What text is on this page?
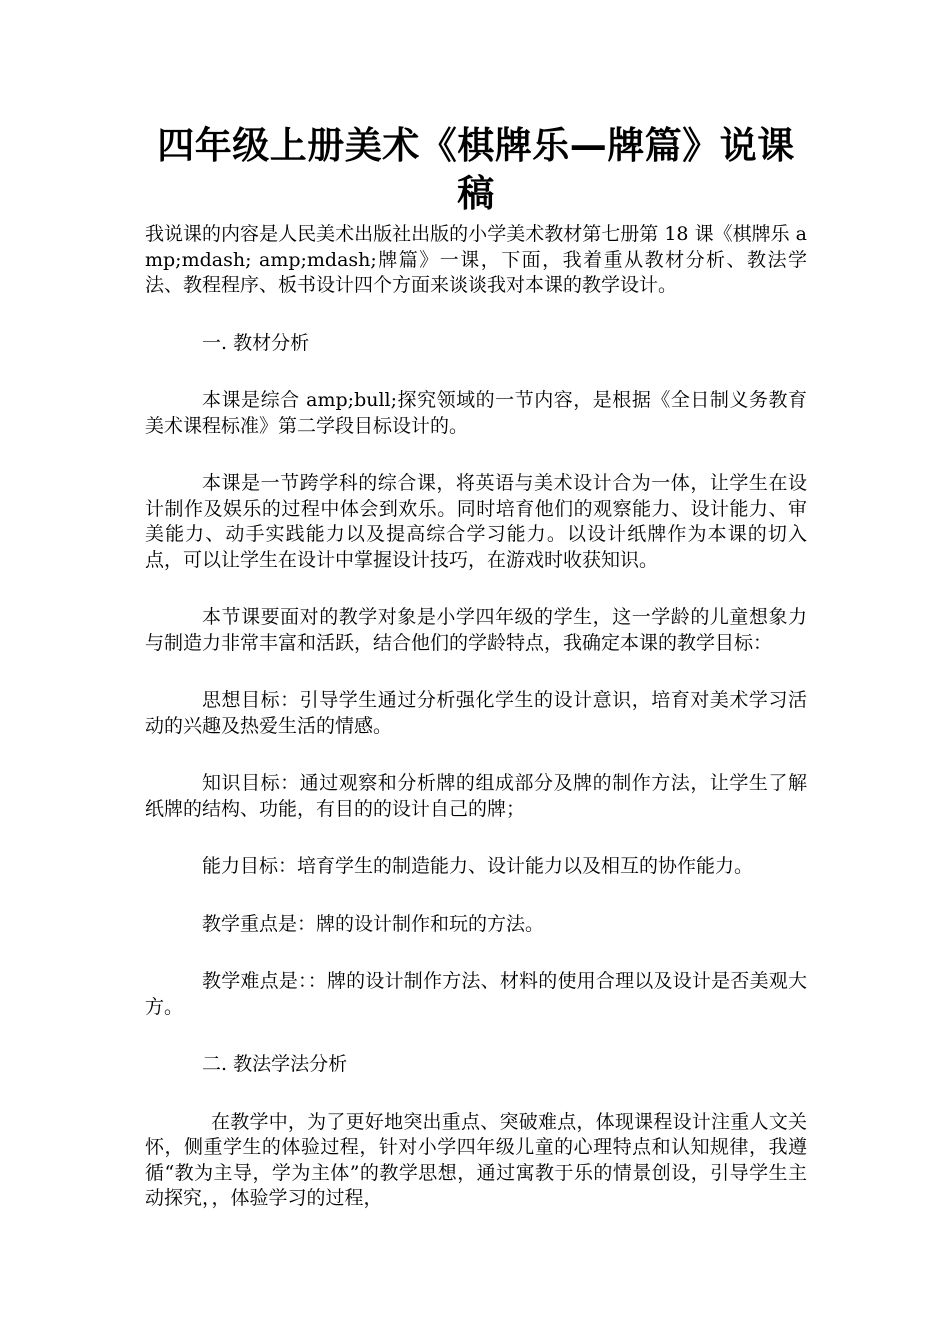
四年级上册美术《棋牌乐—牌篇》说课稿

我说课的内容是人民美术出版社出版的小学美术教材第七册第 18 课《棋牌乐 amp;mdash; amp;mdash;牌篇》一课，下面，我着重从教材分析、教法学法、教程程序、板书设计四个方面来谈谈我对本课的教学设计。

一. 教材分析

本课是综合 amp;bull;探究领域的一节内容，是根据《全日制义务教育美术课程标准》第二学段目标设计的。

本课是一节跨学科的综合课，将英语与美术设计合为一体，让学生在设计制作及娱乐的过程中体会到欢乐。同时培育他们的观察能力、设计能力、审美能力、动手实践能力以及提高综合学习能力。以设计纸牌作为本课的切入点，可以让学生在设计中掌握设计技巧，在游戏时收获知识。

本节课要面对的教学对象是小学四年级的学生，这一学龄的儿童想象力与制造力非常丰富和活跃，结合他们的学龄特点，我确定本课的教学目标：

思想目标：引导学生通过分析强化学生的设计意识，培育对美术学习活动的兴趣及热爱生活的情感。

知识目标：通过观察和分析牌的组成部分及牌的制作方法，让学生了解纸牌的结构、功能，有目的的设计自己的牌；

能力目标：培育学生的制造能力、设计能力以及相互的协作能力。

教学重点是：牌的设计制作和玩的方法。

教学难点是：：牌的设计制作方法、材料的使用合理以及设计是否美观大方。

二. 教法学法分析

在教学中，为了更好地突出重点、突破难点，体现课程设计注重人文关怀，侧重学生的体验过程，针对小学四年级儿童的心理特点和认知规律，我遵循“教为主导，学为主体”的教学思想，通过寓教于乐的情景创设，引导学生主动探究，，体验学习的过程，
